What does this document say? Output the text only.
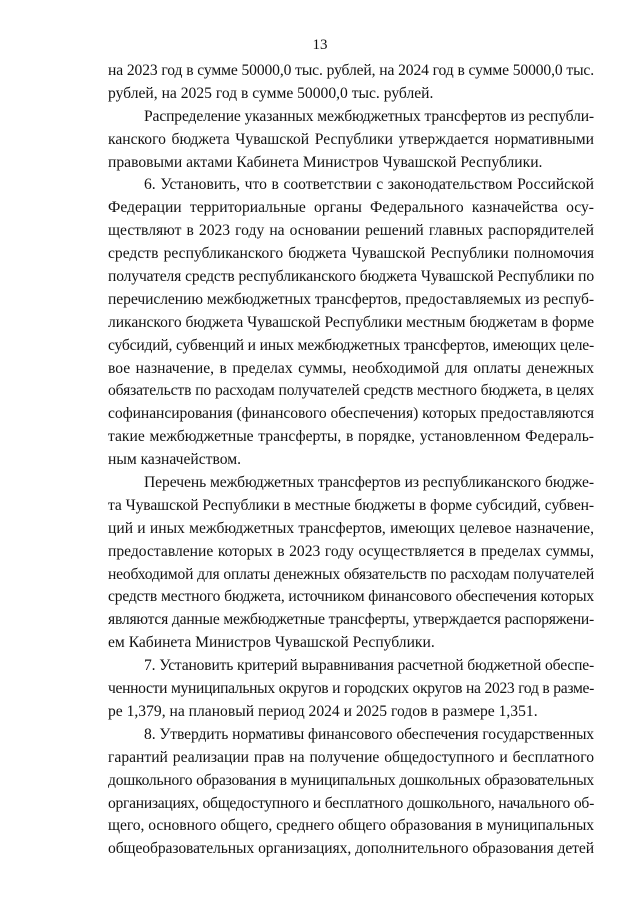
13
на 2023 год в сумме 50000,0 тыс. рублей, на 2024 год в сумме 50000,0 тыс.
рублей, на 2025 год в сумме 50000,0 тыс. рублей.
Распределение указанных межбюджетных трансфертов из республи-
канского бюджета Чувашской Республики утверждается нормативными
правовыми актами Кабинета Министров Чувашской Республики.
6. Установить, что в соответствии с законодательством Российской
Федерации территориальные органы Федерального казначейства осу-
ществляют в 2023 году на основании решений главных распорядителей
средств республиканского бюджета Чувашской Республики полномочия
получателя средств республиканского бюджета Чувашской Республики по
перечислению межбюджетных трансфертов, предоставляемых из респуб-
ликанского бюджета Чувашской Республики местным бюджетам в форме
субсидий, субвенций и иных межбюджетных трансфертов, имеющих целе-
вое назначение, в пределах суммы, необходимой для оплаты денежных
обязательств по расходам получателей средств местного бюджета, в целях
софинансирования (финансового обеспечения) которых предоставляются
такие межбюджетные трансферты, в порядке, установленном Федераль-
ным казначейством.
Перечень межбюджетных трансфертов из республиканского бюдже-
та Чувашской Республики в местные бюджеты в форме субсидий, субвен-
ций и иных межбюджетных трансфертов, имеющих целевое назначение,
предоставление которых в 2023 году осуществляется в пределах суммы,
необходимой для оплаты денежных обязательств по расходам получателей
средств местного бюджета, источником финансового обеспечения которых
являются данные межбюджетные трансферты, утверждается распоряжени-
ем Кабинета Министров Чувашской Республики.
7. Установить критерий выравнивания расчетной бюджетной обеспе-
ченности муниципальных округов и городских округов на 2023 год в разме-
ре 1,379, на плановый период 2024 и 2025 годов в размере 1,351.
8. Утвердить нормативы финансового обеспечения государственных
гарантий реализации прав на получение общедоступного и бесплатного
дошкольного образования в муниципальных дошкольных образовательных
организациях, общедоступного и бесплатного дошкольного, начального об-
щего, основного общего, среднего общего образования в муниципальных
общеобразовательных организациях, дополнительного образования детей
